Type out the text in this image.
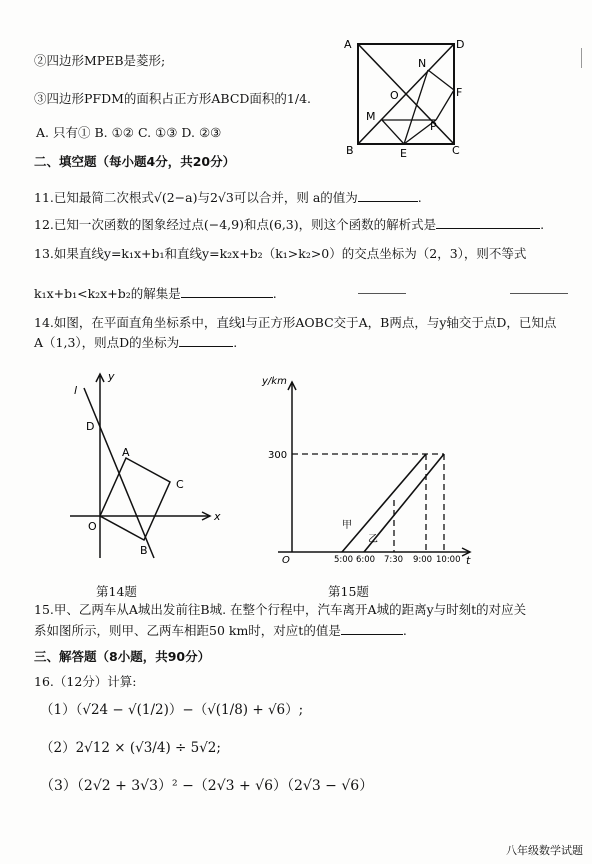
②四边形MPEB是菱形;
③四边形PFDM的面积占正方形ABCD面积的1/4.
A. 只有① B. ①② C. ①③ D. ②③
A	D
N
O	F
M
P
B	E	C
二、填空题（每小题4分，共20分）
11.已知最简二次根式√(2−a)与2√3可以合并，则 a的值为	.
12.已知一次函数的图象经过点(−4,9)和点(6,3)，则这个函数的解析式是	.
13.如果直线y=k₁x+b₁和直线y=k₂x+b₂（k₁>k₂>0）的交点坐标为（2，3），则不等式
k₁x+b₁<k₂x+b₂的解集是	.
14.如图，在平面直角坐标系中，直线l与正方形AOBC交于A，B两点，与y轴交于点D，已知点
A（1,3），则点D的坐标为	.
l
y
D
A
C
O
x
B
第14题
y/km
300
O	t
5:00 6:00 7:30 9:00 10:00
甲
乙
第15题
15.甲、乙两车从A城出发前往B城. 在整个行程中，汽车离开A城的距离y与时刻t的对应关
系如图所示，则甲、乙两车相距50 km时，对应t的值是	.
三、解答题（8小题，共90分）
16.（12分）计算:
（1）（√24 − √(1/2)）−（√(1/8) + √6）;
（2）2√12 × (√3/4) ÷ 5√2;
（3）（2√2 + 3√3）² −（2√3 + √6）（2√3 − √6）
八年级数学试题
